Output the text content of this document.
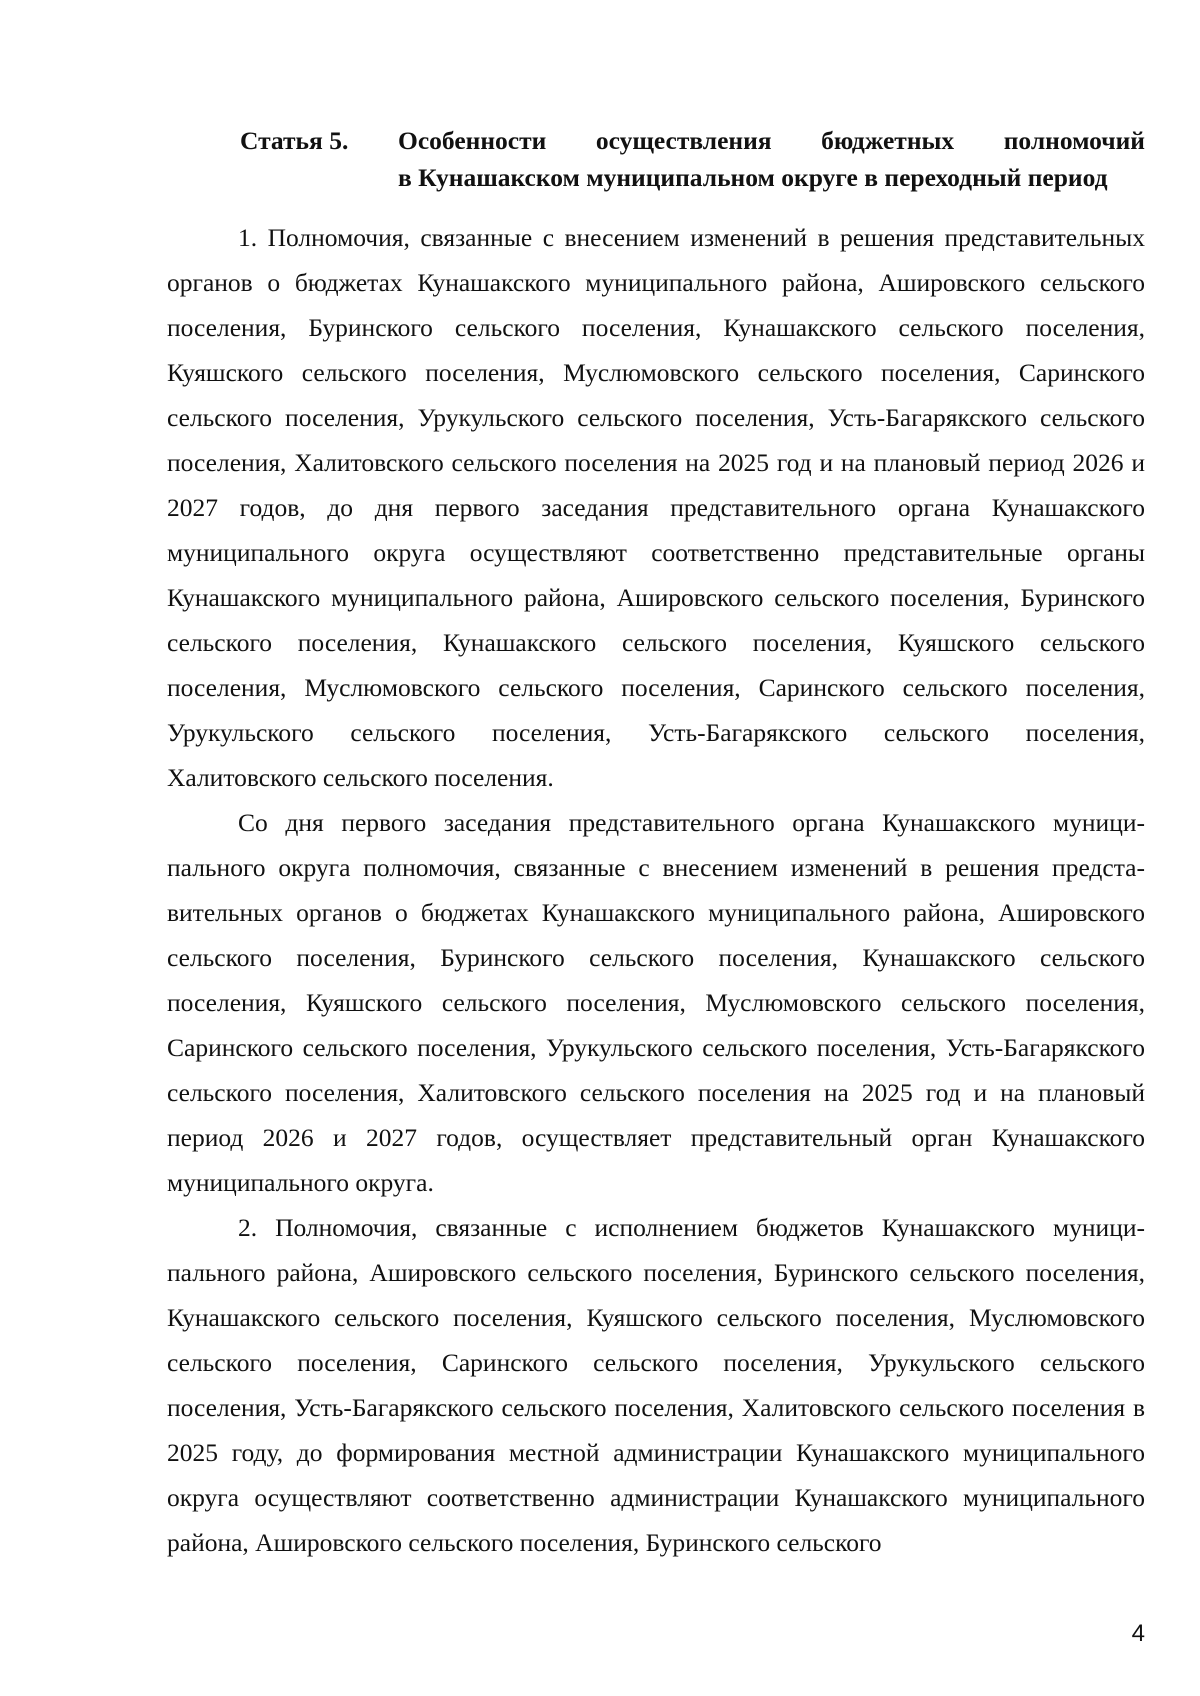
Статья 5. Особенности осуществления бюджетных полномочий
в Кунашакском муниципальном округе в переходный период

1. Полномочия, связанные с внесением изменений в решения представительных органов о бюджетах Кунашакского муниципального района, Ашировского сельского поселения, Буринского сельского поселения, Кунашакского сельского поселения, Куяшского сельского поселения, Муслюмовского сельского поселения, Саринского сельского поселения, Урукульского сельского поселения, Усть-Багарякского сельского поселения, Халитовского сельского поселения на 2025 год и на плановый период 2026 и 2027 годов, до дня первого заседания представительного органа Кунашакского муниципального округа осуществляют соответственно представительные органы Кунашакского муниципального района, Ашировского сельского поселения, Буринского сельского поселения, Кунашакского сельского поселения, Куяшского сельского поселения, Муслюмовского сельского поселения, Саринского сельского поселения, Урукульского сельского поселения, Усть-Багарякского сельского поселения, Халитовского сельского поселения.

Со дня первого заседания представительного органа Кунашакского муниципального округа полномочия, связанные с внесением изменений в решения представительных органов о бюджетах Кунашакского муниципального района, Ашировского сельского поселения, Буринского сельского поселения, Кунашакского сельского поселения, Куяшского сельского поселения, Муслюмовского сельского поселения, Саринского сельского поселения, Урукульского сельского поселения, Усть-Багарякского сельского поселения, Халитовского сельского поселения на 2025 год и на плановый период 2026 и 2027 годов, осуществляет представительный орган Кунашакского муниципального округа.

2. Полномочия, связанные с исполнением бюджетов Кунашакского муниципального района, Ашировского сельского поселения, Буринского сельского поселения, Кунашакского сельского поселения, Куяшского сельского поселения, Муслюмовского сельского поселения, Саринского сельского поселения, Урукульского сельского поселения, Усть-Багарякского сельского поселения, Халитовского сельского поселения в 2025 году, до формирования местной администрации Кунашакского муниципального округа осуществляют соответственно администрации Кунашакского муниципального района, Ашировского сельского поселения, Буринского сельского

4
